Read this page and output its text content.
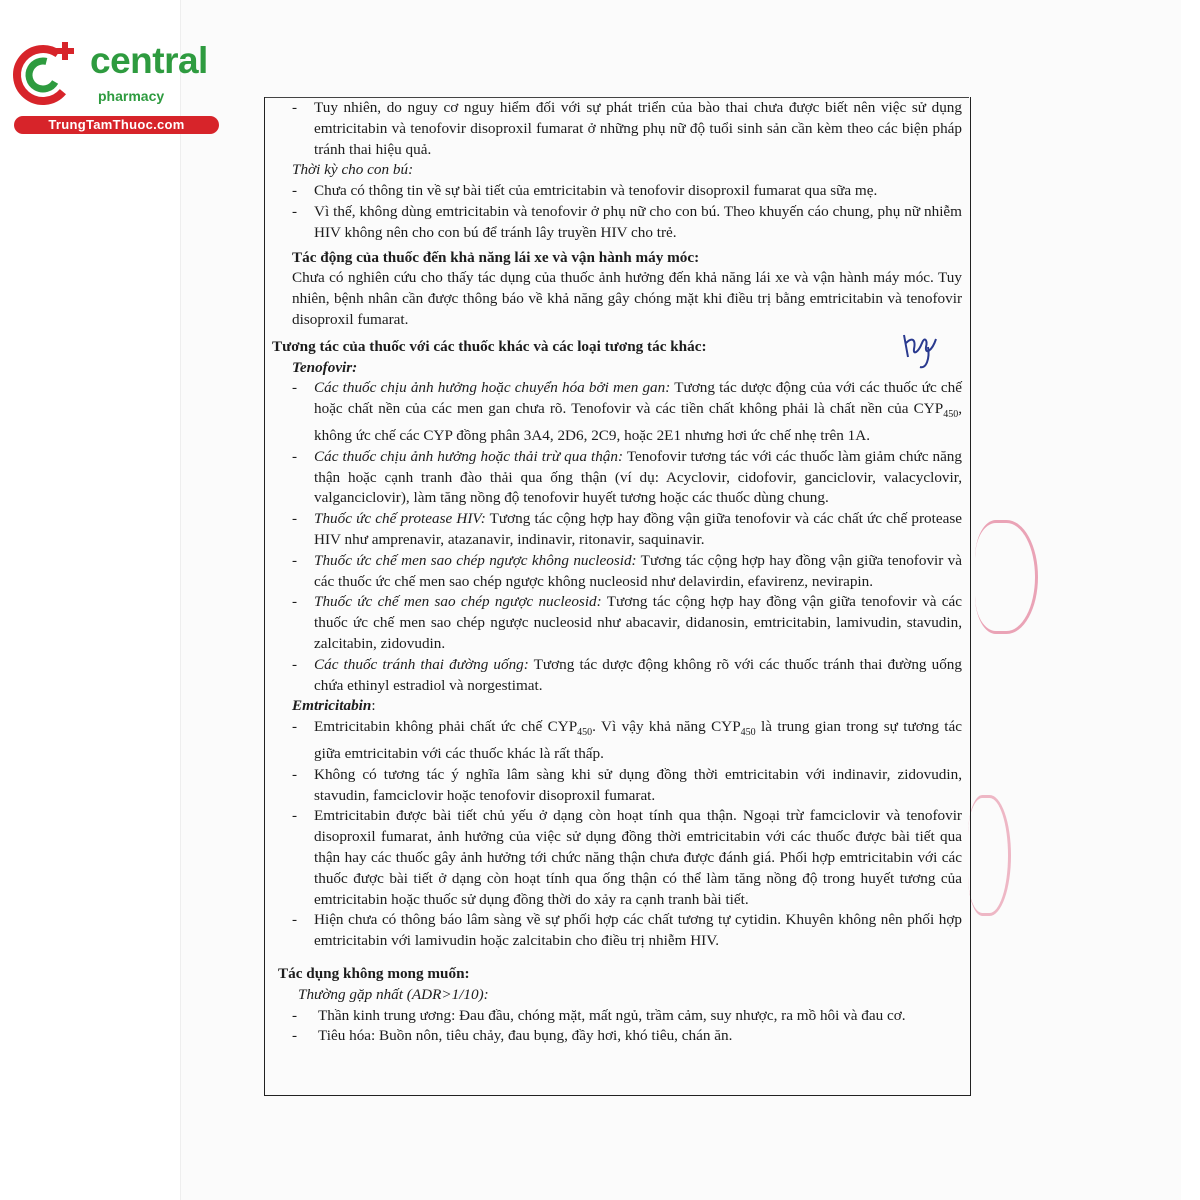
central
pharmacy
TrungTamThuoc.com
- Tuy nhiên, do nguy cơ nguy hiểm đối với sự phát triển của bào thai chưa được biết nên việc sử dụng emtricitabin và tenofovir disoproxil fumarat ở những phụ nữ độ tuổi sinh sản cần kèm theo các biện pháp tránh thai hiệu quả.
Thời kỳ cho con bú:
- Chưa có thông tin về sự bài tiết của emtricitabin và tenofovir disoproxil fumarat qua sữa mẹ.
- Vì thế, không dùng emtricitabin và tenofovir ở phụ nữ cho con bú. Theo khuyến cáo chung, phụ nữ nhiễm HIV không nên cho con bú để tránh lây truyền HIV cho trẻ.
Tác động của thuốc đến khả năng lái xe và vận hành máy móc:
Chưa có nghiên cứu cho thấy tác dụng của thuốc ảnh hưởng đến khả năng lái xe và vận hành máy móc. Tuy nhiên, bệnh nhân cần được thông báo về khả năng gây chóng mặt khi điều trị bằng emtricitabin và tenofovir disoproxil fumarat.
Tương tác của thuốc với các thuốc khác và các loại tương tác khác:
Tenofovir:
- Các thuốc chịu ảnh hưởng hoặc chuyển hóa bởi men gan: Tương tác dược động của với các thuốc ức chế hoặc chất nền của các men gan chưa rõ. Tenofovir và các tiền chất không phải là chất nền của $CYP_{450}$, không ức chế các CYP đồng phân 3A4, 2D6, 2C9, hoặc 2E1 nhưng hơi ức chế nhẹ trên 1A.
- Các thuốc chịu ảnh hưởng hoặc thải trừ qua thận: Tenofovir tương tác với các thuốc làm giảm chức năng thận hoặc cạnh tranh đào thải qua ống thận (ví dụ: Acyclovir, cidofovir, ganciclovir, valacyclovir, valganciclovir), làm tăng nồng độ tenofovir huyết tương hoặc các thuốc dùng chung.
- Thuốc ức chế protease HIV: Tương tác cộng hợp hay đồng vận giữa tenofovir và các chất ức chế protease HIV như amprenavir, atazanavir, indinavir, ritonavir, saquinavir.
- Thuốc ức chế men sao chép ngược không nucleosid: Tương tác cộng hợp hay đồng vận giữa tenofovir và các thuốc ức chế men sao chép ngược không nucleosid như delavirdin, efavirenz, nevirapin.
- Thuốc ức chế men sao chép ngược nucleosid: Tương tác cộng hợp hay đồng vận giữa tenofovir và các thuốc ức chế men sao chép ngược nucleosid như abacavir, didanosin, emtricitabin, lamivudin, stavudin, zalcitabin, zidovudin.
- Các thuốc tránh thai đường uống: Tương tác dược động không rõ với các thuốc tránh thai đường uống chứa ethinyl estradiol và norgestimat.
Emtricitabin:
- Emtricitabin không phải chất ức chế $CYP_{450}$. Vì vậy khả năng $CYP_{450}$ là trung gian trong sự tương tác giữa emtricitabin với các thuốc khác là rất thấp.
- Không có tương tác ý nghĩa lâm sàng khi sử dụng đồng thời emtricitabin với indinavir, zidovudin, stavudin, famciclovir hoặc tenofovir disoproxil fumarat.
- Emtricitabin được bài tiết chủ yếu ở dạng còn hoạt tính qua thận. Ngoại trừ famciclovir và tenofovir disoproxil fumarat, ảnh hưởng của việc sử dụng đồng thời emtricitabin với các thuốc được bài tiết qua thận hay các thuốc gây ảnh hưởng tới chức năng thận chưa được đánh giá. Phối hợp emtricitabin với các thuốc được bài tiết ở dạng còn hoạt tính qua ống thận có thể làm tăng nồng độ trong huyết tương của emtricitabin hoặc thuốc sử dụng đồng thời do xảy ra cạnh tranh bài tiết.
- Hiện chưa có thông báo lâm sàng về sự phối hợp các chất tương tự cytidin. Khuyên không nên phối hợp emtricitabin với lamivudin hoặc zalcitabin cho điều trị nhiễm HIV.
Tác dụng không mong muốn:
Thường gặp nhất (ADR>1/10):
- Thần kinh trung ương: Đau đầu, chóng mặt, mất ngủ, trầm cảm, suy nhược, ra mồ hôi và đau cơ.
- Tiêu hóa: Buồn nôn, tiêu chảy, đau bụng, đầy hơi, khó tiêu, chán ăn.
